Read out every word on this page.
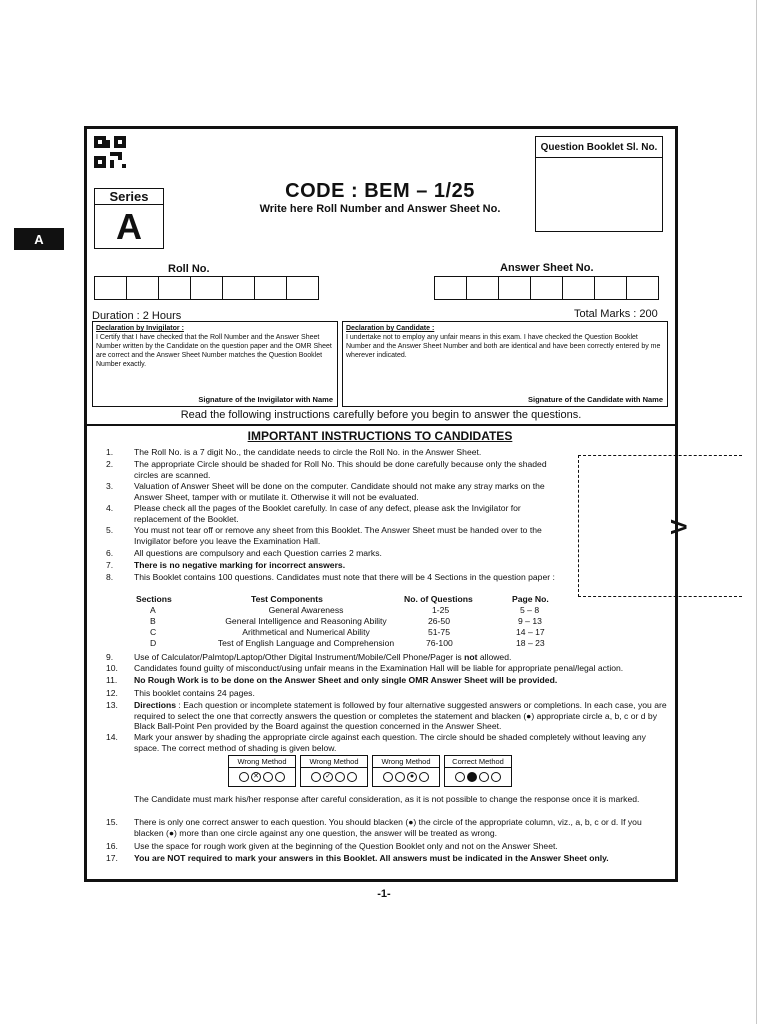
A
Question Booklet Sl. No.
Series
A
CODE : BEM – 1/25
Write here Roll Number and Answer Sheet No.
Roll No.	Answer Sheet No.
Duration : 2 Hours	Total Marks : 200
Declaration by Invigilator :
I Certify that I have checked that the Roll Number and the Answer Sheet Number written by the Candidate on the question paper and the OMR Sheet are correct and the Answer Sheet Number matches the Question Booklet Number exactly.
Signature of the Invigilator with Name
Declaration by Candidate :
I undertake not to employ any unfair means in this exam. I have checked the Question Booklet Number and the Answer Sheet Number and both are identical and have been correctly entered by me wherever indicated.
Signature of the Candidate with Name
Read the following instructions carefully before you begin to answer the questions.
IMPORTANT INSTRUCTIONS TO CANDIDATES
1.	The Roll No. is a 7 digit No., the candidate needs to circle the Roll No. in the Answer Sheet.
2.	The appropriate Circle should be shaded for Roll No. This should be done carefully because only the shaded circles are scanned.
3.	Valuation of Answer Sheet will be done on the computer. Candidate should not make any stray marks on the Answer Sheet, tamper with or mutilate it. Otherwise it will not be evaluated.
4.	Please check all the pages of the Booklet carefully. In case of any defect, please ask the Invigilator for replacement of the Booklet.
5.	You must not tear off or remove any sheet from this Booklet. The Answer Sheet must be handed over to the Invigilator before you leave the Examination Hall.
6.	All questions are compulsory and each Question carries 2 marks.
7.	There is no negative marking for incorrect answers.
8.	This Booklet contains 100 questions. Candidates must note that there will be 4 Sections in the question paper :
Sections	Test Components	No. of Questions	Page No.
A	General Awareness	1-25	5 – 8
B	General Intelligence and Reasoning Ability	26-50	9 – 13
C	Arithmetical and Numerical Ability	51-75	14 – 17
D	Test of English Language and Comprehension	76-100	18 – 23
9.	Use of Calculator/Palmtop/Laptop/Other Digital Instrument/Mobile/Cell Phone/Pager is not allowed.
10.	Candidates found guilty of misconduct/using unfair means in the Examination Hall will be liable for appropriate penal/legal action.
11.	No Rough Work is to be done on the Answer Sheet and only single OMR Answer Sheet will be provided.
12.	This booklet contains 24 pages.
13.	Directions : Each question or incomplete statement is followed by four alternative suggested answers or completions. In each case, you are required to select the one that correctly answers the question or completes the statement and blacken (●) appropriate circle a, b, c or d by Black Ball-Point Pen provided by the Board against the question concerned in the Answer Sheet.
14.	Mark your answer by shading the appropriate circle against each question. The circle should be shaded completely without leaving any space. The correct method of shading is given below.
Wrong Method
✕
Wrong Method
✓
Wrong Method
●
Correct Method
The Candidate must mark his/her response after careful consideration, as it is not possible to change the response once it is marked.
15.	There is only one correct answer to each question. You should blacken (●) the circle of the appropriate column, viz., a, b, c or d. If you blacken (●) more than one circle against any one question, the answer will be treated as wrong.
16.	Use the space for rough work given at the beginning of the Question Booklet only and not on the Answer Sheet.
17.	You are NOT required to mark your answers in this Booklet. All answers must be indicated in the Answer Sheet only.
A
-1-
